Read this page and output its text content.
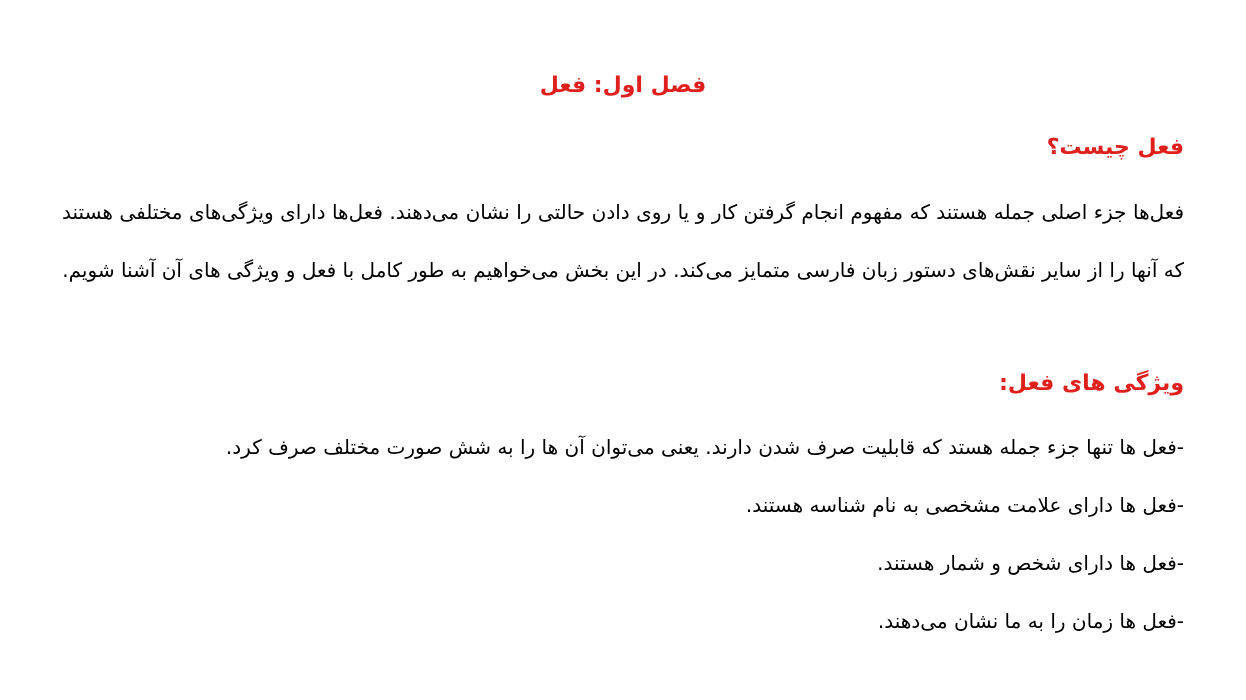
فصل اول: فعل
فعل چیست؟

فعل‌ها جزء اصلی جمله هستند که مفهوم انجام گرفتن کار و یا روی دادن حالتی را نشان می‌دهند. فعل‌ها دارای ویژگی‌های مختلفی هستند که آنها را از سایر نقش‌های دستور زبان فارسی متمایز می‌کند. در این بخش می‌خواهیم به طور کامل با فعل و ویژگی های آن آشنا شویم.

ویژگی های فعل:
-فعل ها تنها جزء جمله هستد که قابلیت صرف شدن دارند. یعنی می‌توان آن ها را به شش صورت مختلف صرف کرد.
-فعل ها دارای علامت مشخصی به نام شناسه هستند.
-فعل ها دارای شخص و شمار هستند.
-فعل ها زمان را به ما نشان می‌دهند.
